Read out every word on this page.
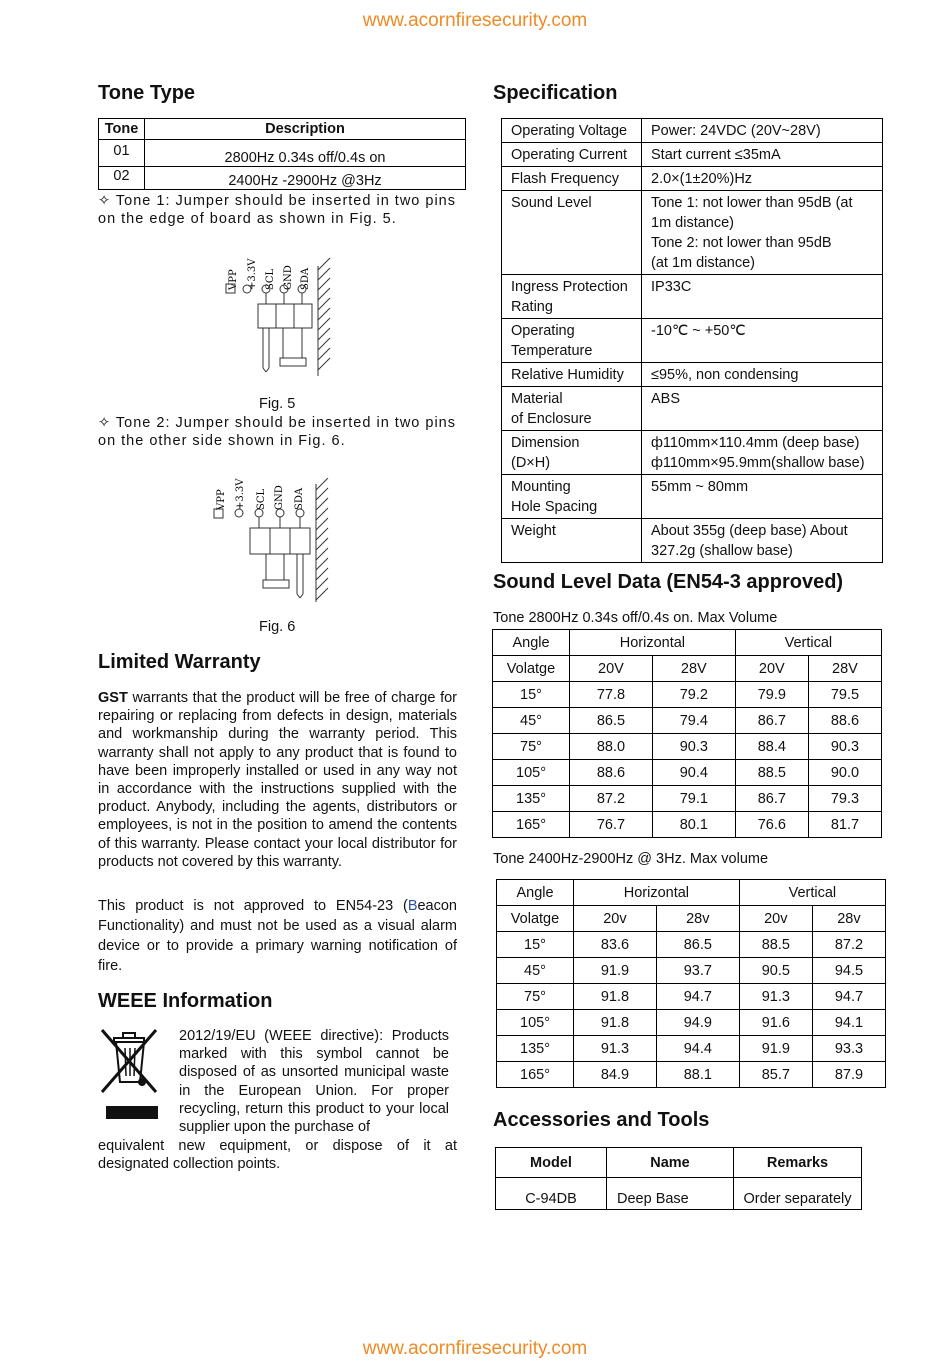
www.acornfiresecurity.com
www.acornfiresecurity.com
Tone Type
Tone	Description
01	2800Hz 0.34s off/0.4s on
02	2400Hz -2900Hz @3Hz
✧ Tone 1: Jumper should be inserted in two pins on the edge of board as shown in Fig. 5.
VPP +3.3V SCL GND SDA
Fig. 5
✧ Tone 2: Jumper should be inserted in two pins on the other side shown in Fig. 6.
VPP +3.3V SCL GND SDA
Fig. 6
Limited Warranty
GST warrants that the product will be free of charge for repairing or replacing from defects in design, materials and workmanship during the warranty period. This warranty shall not apply to any product that is found to have been improperly installed or used in any way not in accordance with the instructions supplied with the product. Anybody, including the agents, distributors or employees, is not in the position to amend the contents of this warranty. Please contact your local distributor for products not covered by this warranty.
This product is not approved to EN54-23 (Beacon Functionality) and must not be used as a visual alarm device or to provide a primary warning notification of fire.
WEEE Information
2012/19/EU (WEEE directive): Products marked with this symbol cannot be disposed of as unsorted municipal waste in the European Union. For proper recycling, return this product to your local supplier upon the purchase of
equivalent new equipment, or dispose of it at designated collection points.
Specification
Operating Voltage	Power: 24VDC (20V~28V)
Operating Current	Start current ≤35mA
Flash Frequency	2.0×(1±20%)Hz
Sound Level	Tone 1: not lower than 95dB (at 1m distance)
Tone 2: not lower than 95dB
(at 1m distance)
Ingress Protection
Rating	IP33C
Operating
Temperature	-10℃ ~ +50℃
Relative Humidity	≤95%, non condensing
Material
of Enclosure	ABS
Dimension
(D×H)	ф110mm×110.4mm (deep base)
ф110mm×95.9mm(shallow base)
Mounting
Hole Spacing	55mm ~ 80mm
Weight	About 355g (deep base) About 327.2g (shallow base)
Sound Level Data (EN54-3 approved)
Tone 2800Hz 0.34s off/0.4s on. Max Volume
Angle	Horizontal		Vertical	
Volatge	20V	28V	20V	28V
15°	77.8	79.2	79.9	79.5
45°	86.5	79.4	86.7	88.6
75°	88.0	90.3	88.4	90.3
105°	88.6	90.4	88.5	90.0
135°	87.2	79.1	86.7	79.3
165°	76.7	80.1	76.6	81.7
Tone 2400Hz-2900Hz @ 3Hz. Max volume
Angle	Horizontal		Vertical	
Volatge	20v	28v	20v	28v
15°	83.6	86.5	88.5	87.2
45°	91.9	93.7	90.5	94.5
75°	91.8	94.7	91.3	94.7
105°	91.8	94.9	91.6	94.1
135°	91.3	94.4	91.9	93.3
165°	84.9	88.1	85.7	87.9
Accessories and Tools
Model	Name	Remarks
C-94DB	Deep Base	Order separately
